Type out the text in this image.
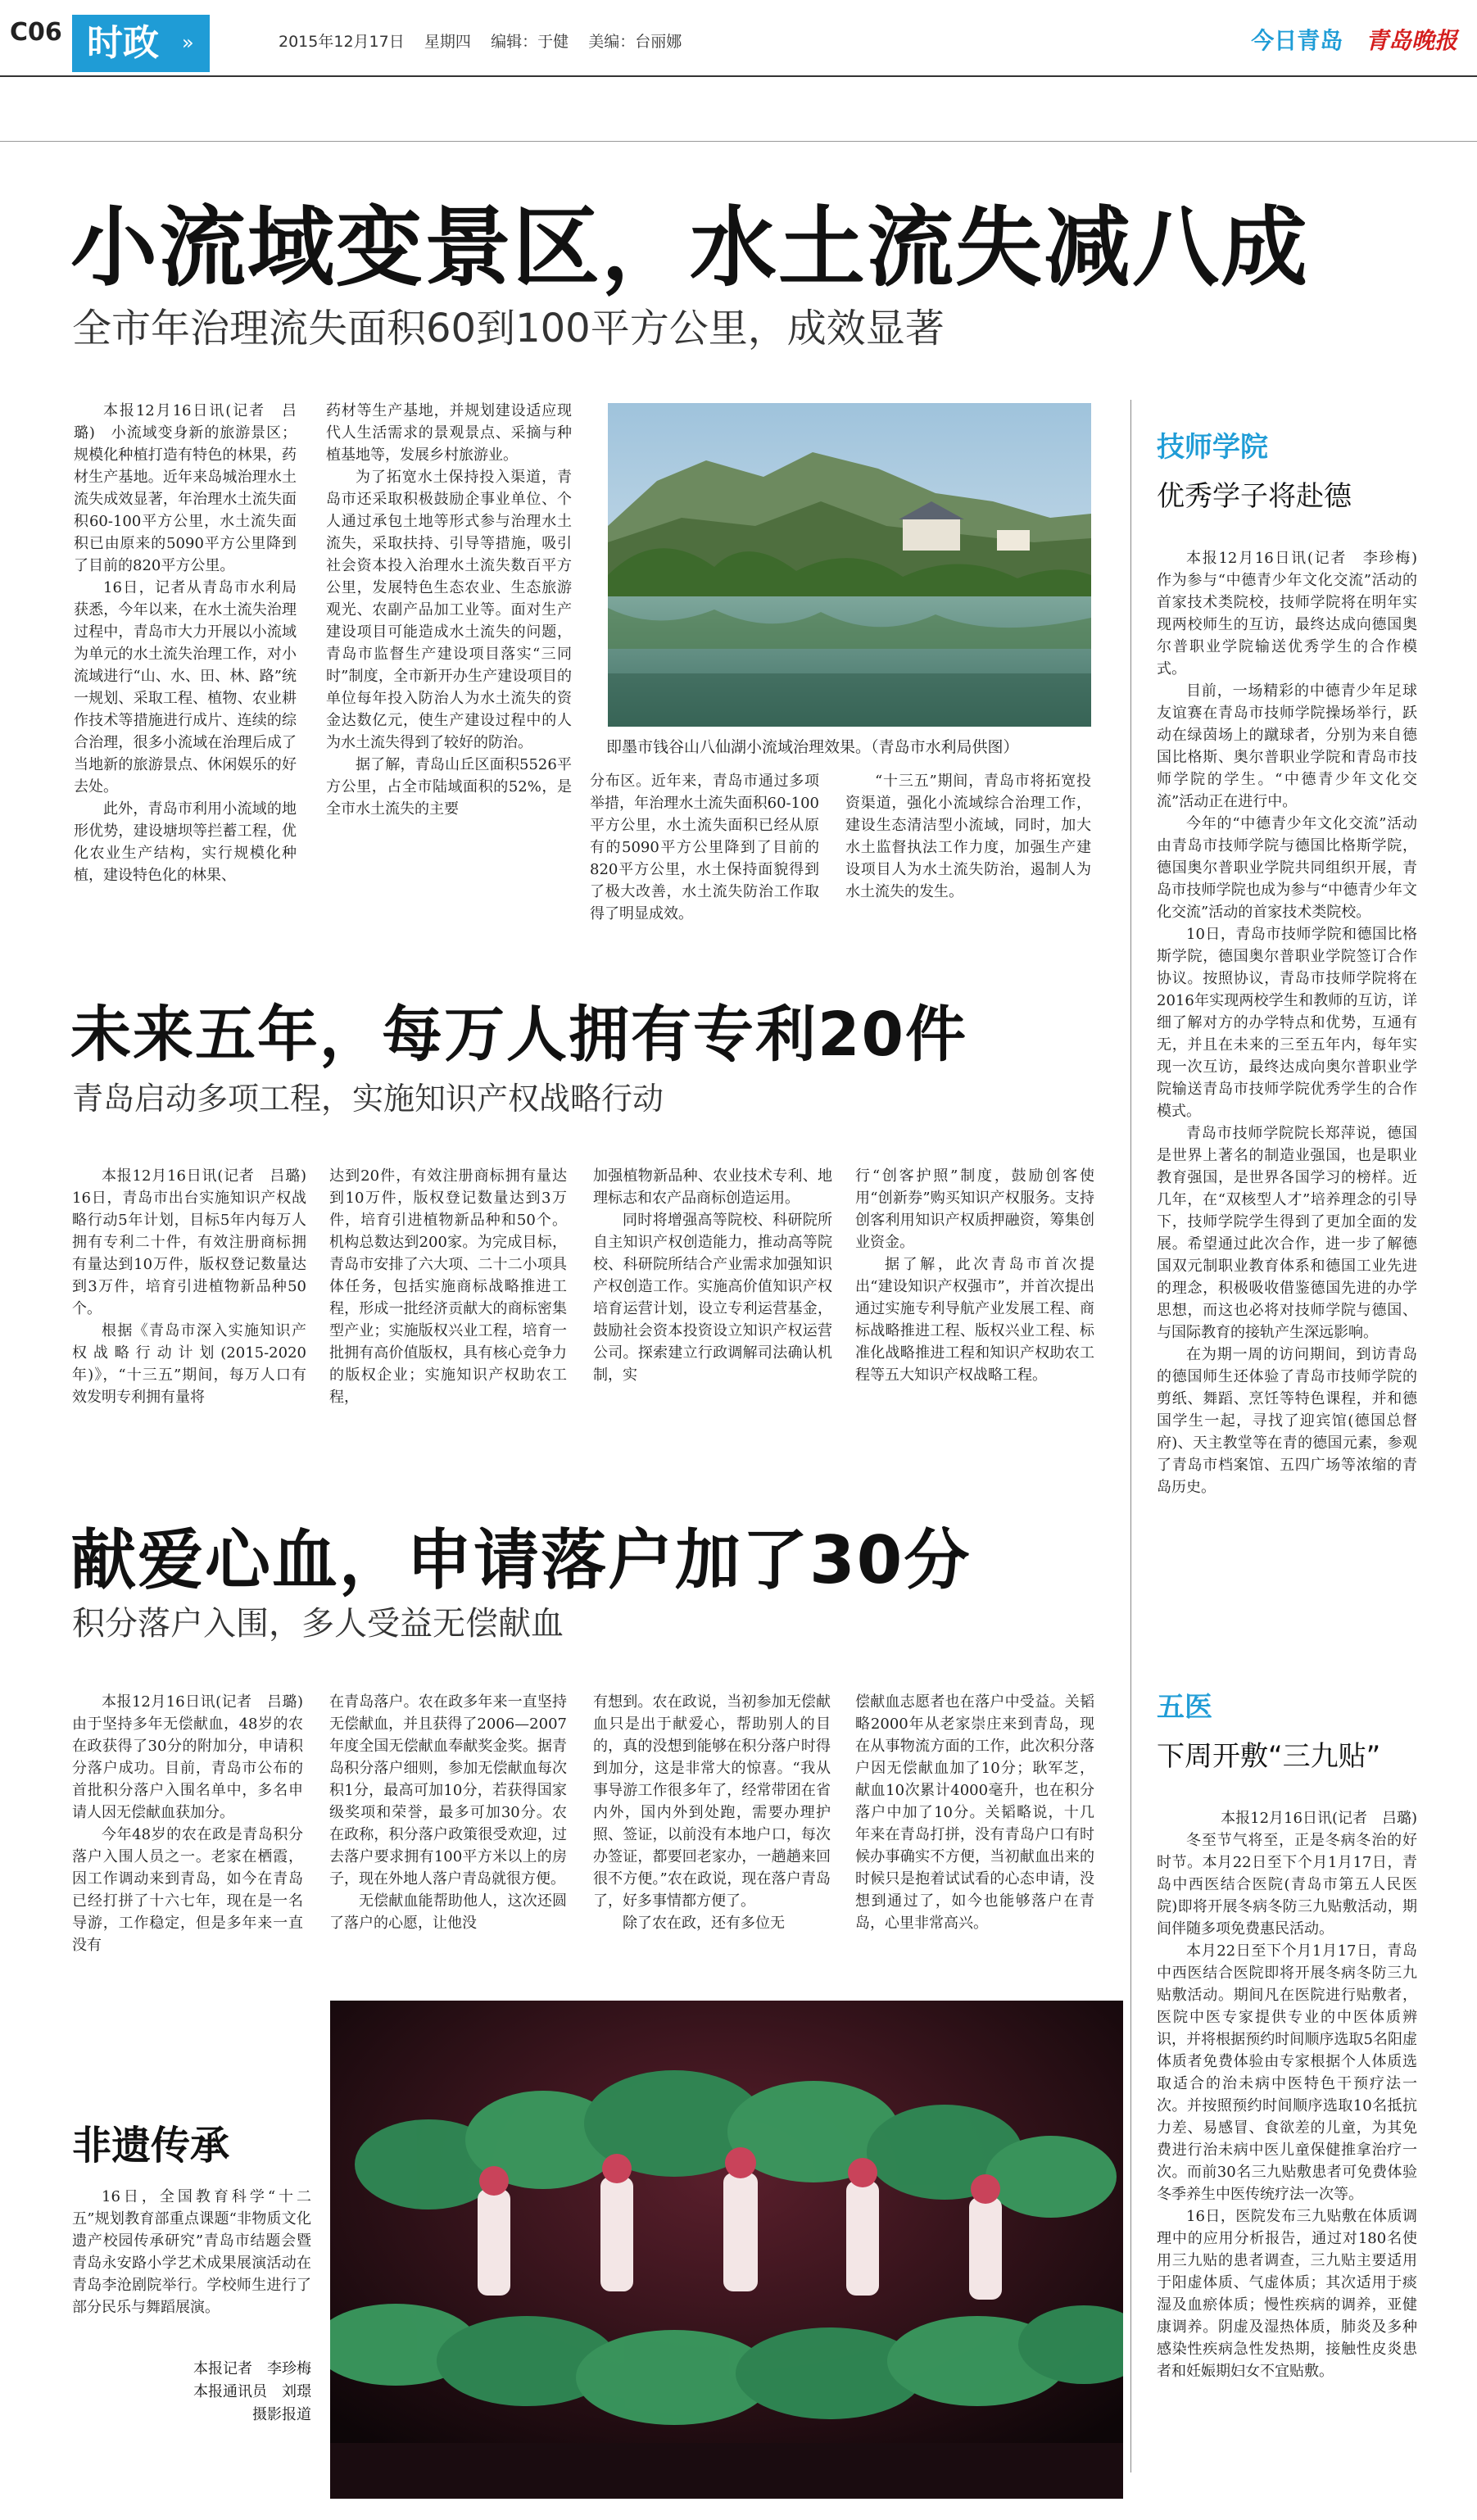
C06 时政	»	2015年12月17日 星期四 编辑：于健 美编：台丽娜	今日青岛 青岛晚报
小流域变景区，水土流失减八成
全市年治理流失面积60到100平方公里，成效显著

本报12月16日讯(记者　吕璐)　小流域变身新的旅游景区；规模化种植打造有特色的林果，药材生产基地。近年来岛城治理水土流失成效显著，年治理水土流失面积60-100平方公里，水土流失面积已由原来的5090平方公里降到了目前的820平方公里。

16日，记者从青岛市水利局获悉，今年以来，在水土流失治理过程中，青岛市大力开展以小流域为单元的水土流失治理工作，对小流域进行“山、水、田、林、路”统一规划、采取工程、植物、农业耕作技术等措施进行成片、连续的综合治理，很多小流域在治理后成了当地新的旅游景点、休闲娱乐的好去处。

此外，青岛市利用小流域的地形优势，建设塘坝等拦蓄工程，优化农业生产结构，实行规模化种植，建设特色化的林果、

药材等生产基地，并规划建设适应现代人生活需求的景观景点、采摘与种植基地等，发展乡村旅游业。

为了拓宽水土保持投入渠道，青岛市还采取积极鼓励企事业单位、个人通过承包土地等形式参与治理水土流失，采取扶持、引导等措施，吸引社会资本投入治理水土流失数百平方公里，发展特色生态农业、生态旅游观光、农副产品加工业等。面对生产建设项目可能造成水土流失的问题，青岛市监督生产建设项目落实“三同时”制度，全市新开办生产建设项目的单位每年投入防治人为水土流失的资金达数亿元，使生产建设过程中的人为水土流失得到了较好的防治。

据了解，青岛山丘区面积5526平方公里，占全市陆域面积的52%，是全市水土流失的主要

即墨市钱谷山八仙湖小流域治理效果。（青岛市水利局供图）

分布区。近年来，青岛市通过多项举措，年治理水土流失面积60-100平方公里，水土流失面积已经从原有的5090平方公里降到了目前的820平方公里，水土保持面貌得到了极大改善，水土流失防治工作取得了明显成效。

“十三五”期间，青岛市将拓宽投资渠道，强化小流域综合治理工作，建设生态清洁型小流域，同时，加大水土监督执法工作力度，加强生产建设项目人为水土流失防治，遏制人为水土流失的发生。

未来五年，每万人拥有专利20件
青岛启动多项工程，实施知识产权战略行动

本报12月16日讯(记者　吕璐)　16日，青岛市出台实施知识产权战略行动5年计划，目标5年内每万人拥有专利二十件，有效注册商标拥有量达到10万件，版权登记数量达到3万件，培育引进植物新品种50个。

根据《青岛市深入实施知识产权战略行动计划(2015-2020年)》，“十三五”期间，每万人口有效发明专利拥有量将

达到20件，有效注册商标拥有量达到10万件，版权登记数量达到3万件，培育引进植物新品种和50个。机构总数达到200家。为完成目标，青岛市安排了六大项、二十二小项具体任务，包括实施商标战略推进工程，形成一批经济贡献大的商标密集型产业；实施版权兴业工程，培育一批拥有高价值版权，具有核心竞争力的版权企业；实施知识产权助农工程，

加强植物新品种、农业技术专利、地理标志和农产品商标创造运用。

同时将增强高等院校、科研院所自主知识产权创造能力，推动高等院校、科研院所结合产业需求加强知识产权创造工作。实施高价值知识产权培育运营计划，设立专利运营基金，鼓励社会资本投资设立知识产权运营公司。探索建立行政调解司法确认机制，实

行“创客护照”制度，鼓励创客使用“创新券”购买知识产权服务。支持创客利用知识产权质押融资，筹集创业资金。

据了解，此次青岛市首次提出“建设知识产权强市”，并首次提出通过实施专利导航产业发展工程、商标战略推进工程、版权兴业工程、标准化战略推进工程和知识产权助农工程等五大知识产权战略工程。

献爱心血，申请落户加了30分
积分落户入围，多人受益无偿献血

本报12月16日讯(记者　吕璐)　由于坚持多年无偿献血，48岁的农在政获得了30分的附加分，申请积分落户成功。目前，青岛市公布的首批积分落户入围名单中，多名申请人因无偿献血获加分。

今年48岁的农在政是青岛积分落户入围人员之一。老家在栖霞，因工作调动来到青岛，如今在青岛已经打拼了十六七年，现在是一名导游，工作稳定，但是多年来一直没有

在青岛落户。农在政多年来一直坚持无偿献血，并且获得了2006—2007年度全国无偿献血奉献奖金奖。据青岛积分落户细则，参加无偿献血每次积1分，最高可加10分，若获得国家级奖项和荣誉，最多可加30分。农在政称，积分落户政策很受欢迎，过去落户要求拥有100平方米以上的房子，现在外地人落户青岛就很方便。

无偿献血能帮助他人，这次还圆了落户的心愿，让他没

有想到。农在政说，当初参加无偿献血只是出于献爱心，帮助别人的目的，真的没想到能够在积分落户时得到加分，这是非常大的惊喜。“我从事导游工作很多年了，经常带团在省内外，国内外到处跑，需要办理护照、签证，以前没有本地户口，每次办签证，都要回老家办，一趟趟来回很不方便。”农在政说，现在落户青岛了，好多事情都方便了。

除了农在政，还有多位无

偿献血志愿者也在落户中受益。关韬略2000年从老家崇庄来到青岛，现在从事物流方面的工作，此次积分落户因无偿献血加了10分；耿军芝，献血10次累计4000毫升，也在积分落户中加了10分。关韬略说，十几年来在青岛打拼，没有青岛户口有时候办事确实不方便，当初献血出来的时候只是抱着试试看的心态申请，没想到通过了，如今也能够落户在青岛，心里非常高兴。

非遗传承

16日，全国教育科学“十二五”规划教育部重点课题“非物质文化遗产校园传承研究”青岛市结题会暨青岛永安路小学艺术成果展演活动在青岛李沧剧院举行。学校师生进行了部分民乐与舞蹈展演。

本报记者　李珍梅
本报通讯员　刘璟
摄影报道
技师学院
优秀学子将赴德

本报12月16日讯(记者　李珍梅)　作为参与“中德青少年文化交流”活动的首家技术类院校，技师学院将在明年实现两校师生的互访，最终达成向德国奥尔普职业学院输送优秀学生的合作模式。

目前，一场精彩的中德青少年足球友谊赛在青岛市技师学院操场举行，跃动在绿茵场上的蹴球者，分别为来自德国比格斯、奥尔普职业学院和青岛市技师学院的学生。“中德青少年文化交流”活动正在进行中。

今年的“中德青少年文化交流”活动由青岛市技师学院与德国比格斯学院，德国奥尔普职业学院共同组织开展，青岛市技师学院也成为参与“中德青少年文化交流”活动的首家技术类院校。

10日，青岛市技师学院和德国比格斯学院，德国奥尔普职业学院签订合作协议。按照协议，青岛市技师学院将在2016年实现两校学生和教师的互访，详细了解对方的办学特点和优势，互通有无，并且在未来的三至五年内，每年实现一次互访，最终达成向奥尔普职业学院输送青岛市技师学院优秀学生的合作模式。

青岛市技师学院院长郑萍说，德国是世界上著名的制造业强国，也是职业教育强国，是世界各国学习的榜样。近几年，在“双核型人才”培养理念的引导下，技师学院学生得到了更加全面的发展。希望通过此次合作，进一步了解德国双元制职业教育体系和德国工业先进的理念，积极吸收借鉴德国先进的办学思想，而这也必将对技师学院与德国、与国际教育的接轨产生深远影响。

在为期一周的访问期间，到访青岛的德国师生还体验了青岛市技师学院的剪纸、舞蹈、烹饪等特色课程，并和德国学生一起，寻找了迎宾馆(德国总督府)、天主教堂等在青的德国元素，参观了青岛市档案馆、五四广场等浓缩的青岛历史。

五医
下周开敷“三九贴”

本报12月16日讯(记者　吕璐)

冬至节气将至，正是冬病冬治的好时节。本月22日至下个月1月17日，青岛中西医结合医院(青岛市第五人民医院)即将开展冬病冬防三九贴敷活动，期间伴随多项免费惠民活动。

本月22日至下个月1月17日，青岛中西医结合医院即将开展冬病冬防三九贴敷活动。期间凡在医院进行贴敷者，医院中医专家提供专业的中医体质辨识，并将根据预约时间顺序选取5名阳虚体质者免费体验由专家根据个人体质选取适合的治未病中医特色干预疗法一次。并按照预约时间顺序选取10名抵抗力差、易感冒、食欲差的儿童，为其免费进行治未病中医儿童保健推拿治疗一次。而前30名三九贴敷患者可免费体验冬季养生中医传统疗法一次等。

16日，医院发布三九贴敷在体质调理中的应用分析报告，通过对180名使用三九贴的患者调查，三九贴主要适用于阳虚体质、气虚体质；其次适用于痰湿及血瘀体质；慢性疾病的调养，亚健康调养。阴虚及湿热体质，肺炎及多种感染性疾病急性发热期，接触性皮炎患者和妊娠期妇女不宜贴敷。
